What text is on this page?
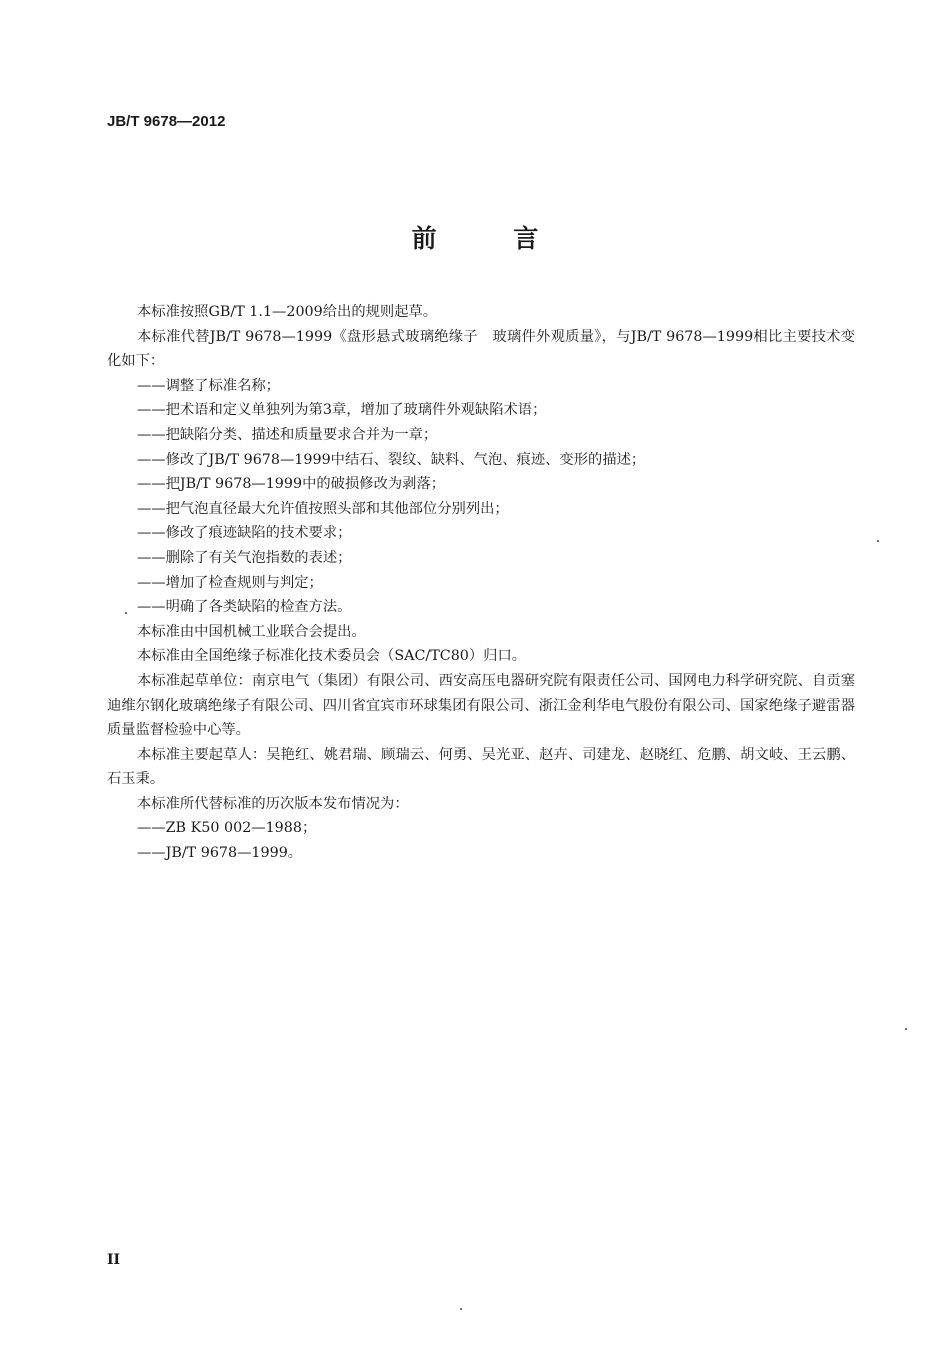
JB/T 9678—2012
前 言

本标准按照GB/T 1.1—2009给出的规则起草。

本标准代替JB/T 9678—1999《盘形悬式玻璃绝缘子　玻璃件外观质量》，与JB/T 9678—1999相比主要技术变化如下：

——调整了标准名称；

——把术语和定义单独列为第3章，增加了玻璃件外观缺陷术语；

——把缺陷分类、描述和质量要求合并为一章；

——修改了JB/T 9678—1999中结石、裂纹、缺料、气泡、痕迹、变形的描述；

——把JB/T 9678—1999中的破损修改为剥落；

——把气泡直径最大允许值按照头部和其他部位分别列出；

——修改了痕迹缺陷的技术要求；

——删除了有关气泡指数的表述；

——增加了检查规则与判定；

——明确了各类缺陷的检查方法。

本标准由中国机械工业联合会提出。

本标准由全国绝缘子标准化技术委员会（SAC/TC80）归口。

本标准起草单位：南京电气（集团）有限公司、西安高压电器研究院有限责任公司、国网电力科学研究院、自贡塞迪维尔钢化玻璃绝缘子有限公司、四川省宜宾市环球集团有限公司、浙江金利华电气股份有限公司、国家绝缘子避雷器质量监督检验中心等。

本标准主要起草人：吴艳红、姚君瑞、顾瑞云、何勇、吴光亚、赵卉、司建龙、赵晓红、危鹏、胡文岐、王云鹏、石玉秉。

本标准所代替标准的历次版本发布情况为：

——ZB K50 002—1988；

——JB/T 9678—1999。

II
